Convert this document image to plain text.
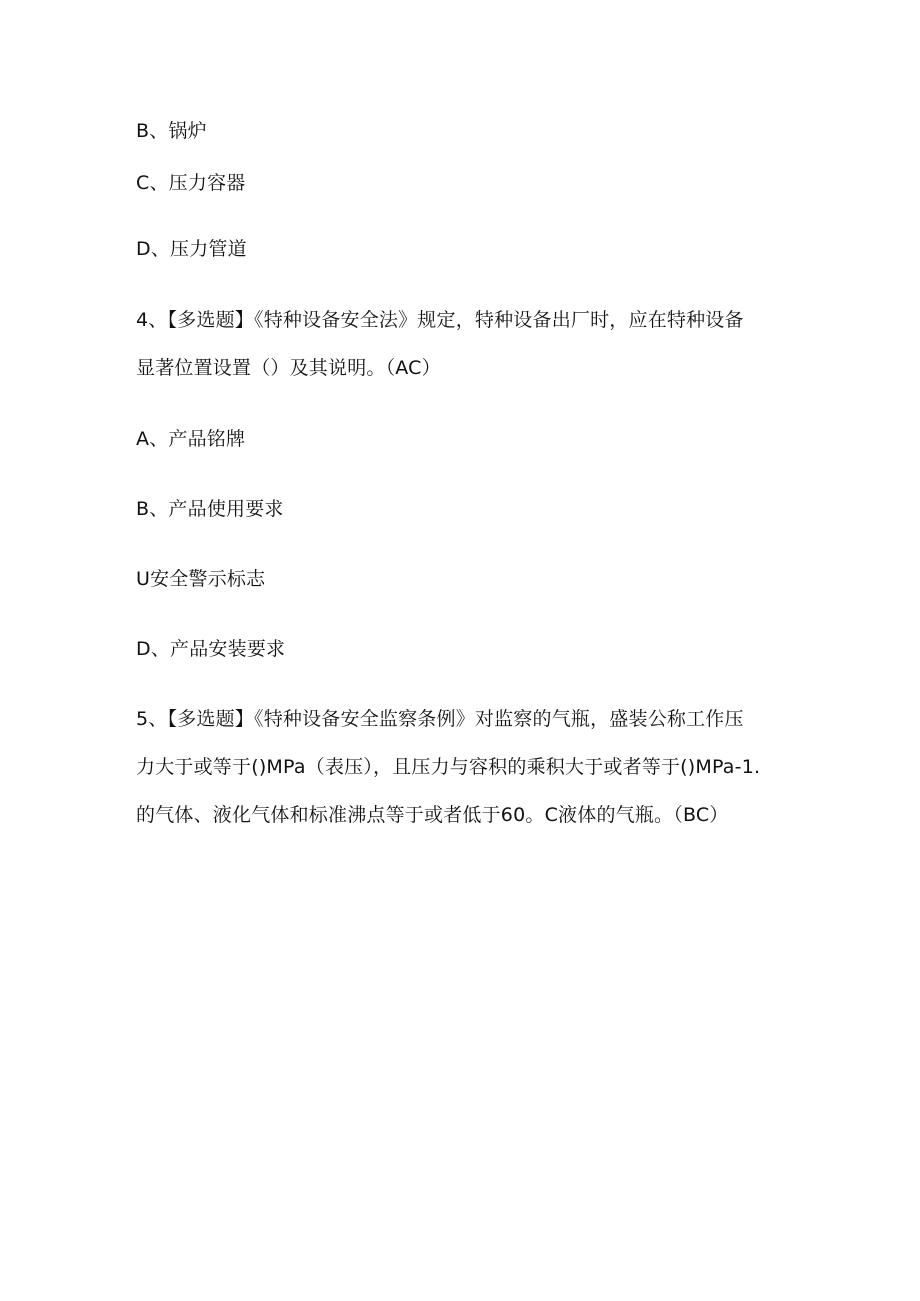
B、锅炉
C、压力容器
D、压力管道
4、【多选题】《特种设备安全法》规定，特种设备出厂时，应在特种设备
显著位置设置（）及其说明。（AC）
A、产品铭牌
B、产品使用要求
U安全警示标志
D、产品安装要求
5、【多选题】《特种设备安全监察条例》对监察的气瓶，盛装公称工作压
力大于或等于()MPa（表压），且压力与容积的乘积大于或者等于()MPa-1.
的气体、液化气体和标准沸点等于或者低于60。C液体的气瓶。（BC）
